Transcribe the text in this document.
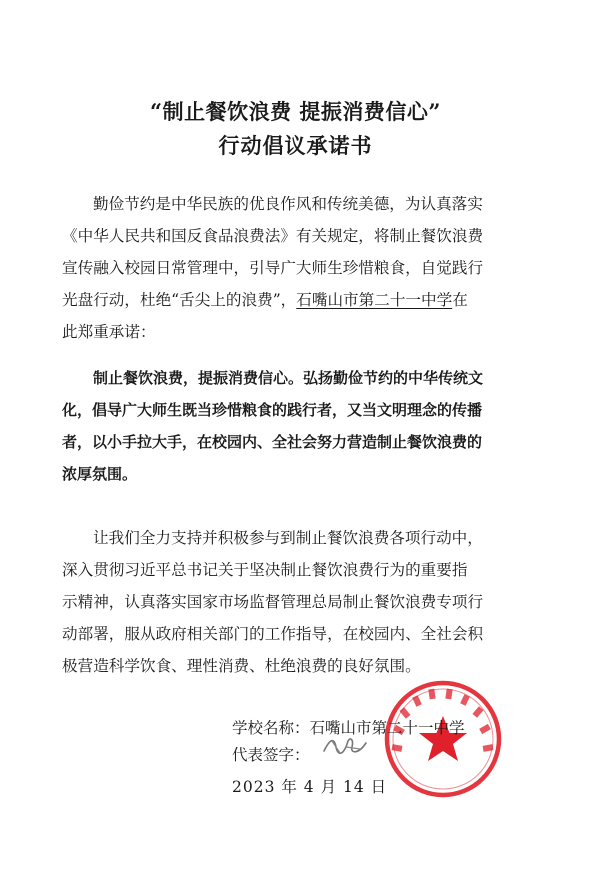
“制止餐饮浪费 提振消费信心”
行动倡议承诺书
勤俭节约是中华民族的优良作风和传统美德，为认真落实
《中华人民共和国反食品浪费法》有关规定，将制止餐饮浪费
宣传融入校园日常管理中，引导广大师生珍惜粮食，自觉践行
光盘行动，杜绝“舌尖上的浪费”，石嘴山市第二十一中学在
此郑重承诺：
制止餐饮浪费，提振消费信心。弘扬勤俭节约的中华传统文
化，倡导广大师生既当珍惜粮食的践行者，又当文明理念的传播
者，以小手拉大手，在校园内、全社会努力营造制止餐饮浪费的
浓厚氛围。
让我们全力支持并积极参与到制止餐饮浪费各项行动中，
深入贯彻习近平总书记关于坚决制止餐饮浪费行为的重要指
示精神，认真落实国家市场监督管理总局制止餐饮浪费专项行
动部署，服从政府相关部门的工作指导，在校园内、全社会积
极营造科学饮食、理性消费、杜绝浪费的良好氛围。
学校名称：石嘴山市第二十一中学
代表签字：
2023 年 4 月 14 日
